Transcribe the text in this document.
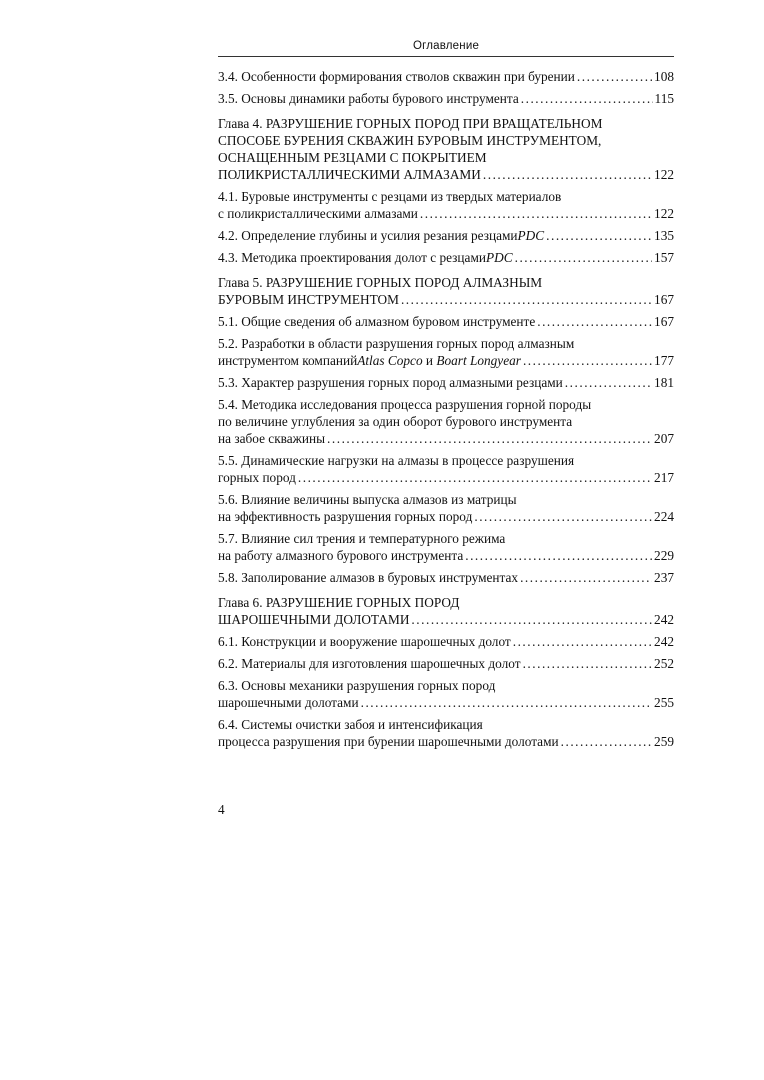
Оглавление
3.4. Особенности формирования стволов скважин при бурении . . .	108
3.5. Основы динамики работы бурового инструмента . . .	115
Глава 4. РАЗРУШЕНИЕ ГОРНЫХ ПОРОД ПРИ ВРАЩАТЕЛЬНОМ
СПОСОБЕ БУРЕНИЯ СКВАЖИН БУРОВЫМ ИНСТРУМЕНТОМ,
ОСНАЩЕННЫМ РЕЗЦАМИ С ПОКРЫТИЕМ
ПОЛИКРИСТАЛЛИЧЕСКИМИ АЛМАЗАМИ . . .	122
4.1. Буровые инструменты с резцами из твердых материалов
с поликристаллическими алмазами . . .	122
4.2. Определение глубины и усилия резания резцами PDC . . .	135
4.3. Методика проектирования долот с резцами PDC . . .	157
Глава 5. РАЗРУШЕНИЕ ГОРНЫХ ПОРОД АЛМАЗНЫМ
БУРОВЫМ ИНСТРУМЕНТОМ . . .	167
5.1. Общие сведения об алмазном буровом инструменте . . .	167
5.2. Разработки в области разрушения горных пород алмазным
инструментом компаний Atlas Copco и Boart Longyear . . .	177
5.3. Характер разрушения горных пород алмазными резцами . . .	181
5.4. Методика исследования процесса разрушения горной породы
по величине углубления за один оборот бурового инструмента
на забое скважины . . .	207
5.5. Динамические нагрузки на алмазы в процессе разрушения
горных пород . . .	217
5.6. Влияние величины выпуска алмазов из матрицы
на эффективность разрушения горных пород . . .	224
5.7. Влияние сил трения и температурного режима
на работу алмазного бурового инструмента . . .	229
5.8. Заполирование алмазов в буровых инструментах . . .	237
Глава 6. РАЗРУШЕНИЕ ГОРНЫХ ПОРОД
ШАРОШЕЧНЫМИ ДОЛОТАМИ . . .	242
6.1. Конструкции и вооружение шарошечных долот . . .	242
6.2. Материалы для изготовления шарошечных долот . . .	252
6.3. Основы механики разрушения горных пород
шарошечными долотами . . .	255
6.4. Системы очистки забоя и интенсификация
процесса разрушения при бурении шарошечными долотами . . .	259
4
